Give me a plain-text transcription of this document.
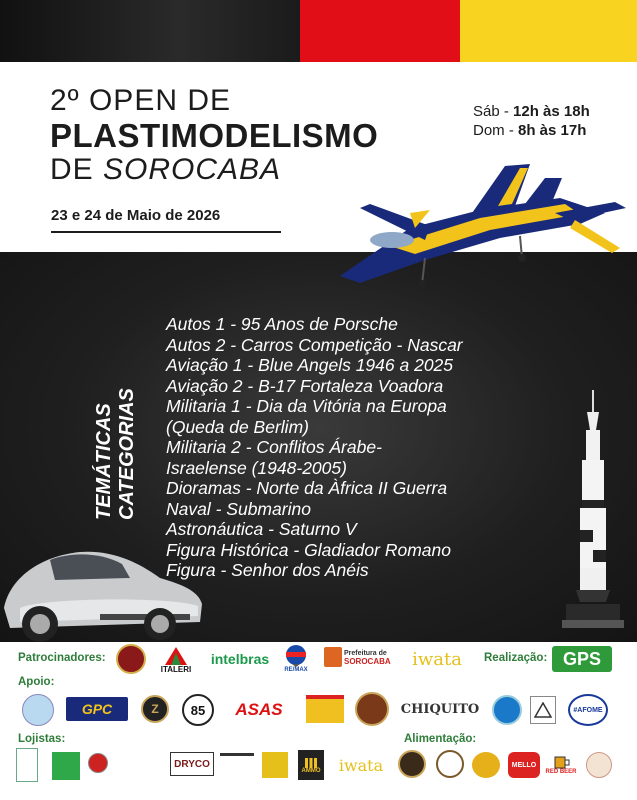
2º OPEN DE
PLASTIMODELISMO
DE SOROCABA
23 e 24 de Maio de 2026
Sáb - 12h às 18h
Dom - 8h às 17h
TEMÁTICAS CATEGORIAS
Autos 1 - 95 Anos de Porsche
Autos 2 - Carros Competição - Nascar
Aviação 1 - Blue Angels 1946 a 2025
Aviação 2 - B-17 Fortaleza Voadora
Militaria 1 - Dia da Vitória na Europa
(Queda de Berlim)
Militaria 2 - Conflitos Árabe-
Israelense (1948-2005)
Dioramas - Norte da Àfrica II Guerra
Naval - Submarino
Astronáutica - Saturno V
Figura Histórica - Gladiador Romano
Figura - Senhor dos Anéis
Patrocinadores:
ITALERI
intelbras
RE/MAX
Prefeitura de
SOROCABA	iwata	Realização: GPS
Apoio:
GPC	Z	85	ASAS	CHIQUITO	#AFOME
Lojistas:	Alimentação:
DRYCO
AMMO	iwata	MELLO
RED BEER
